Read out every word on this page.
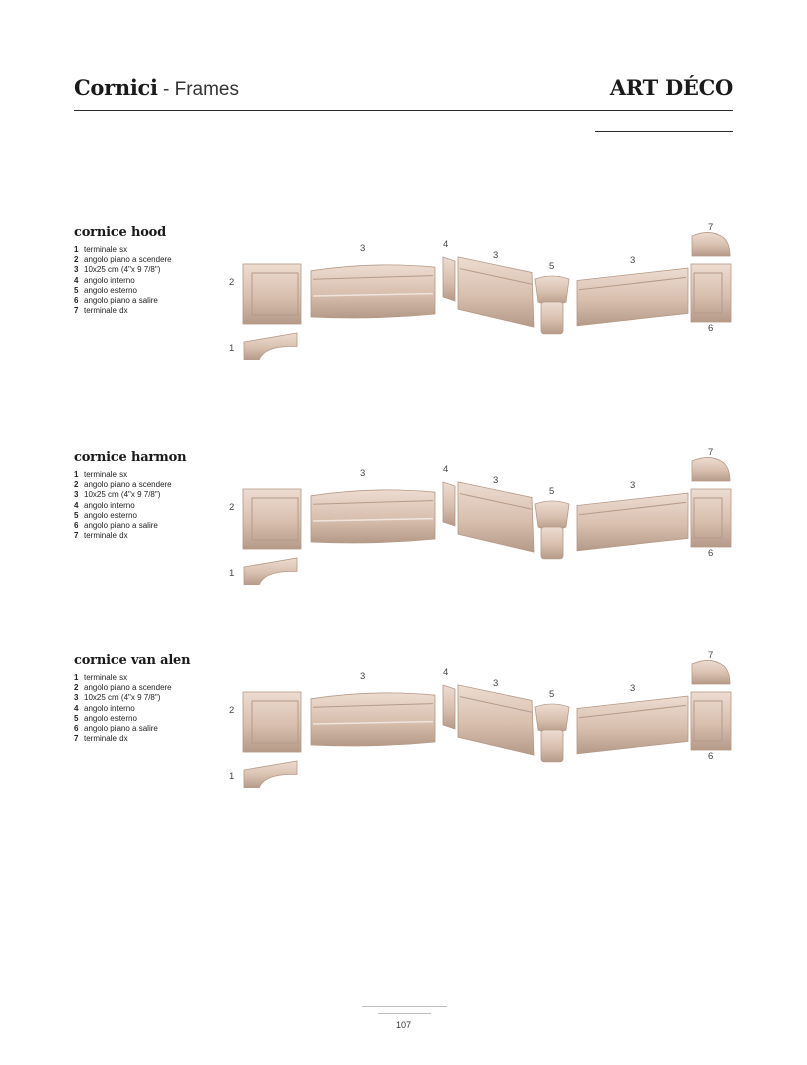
Cornici - Frames	ART DÉCO
cornice hood
1 terminale sx
2 angolo piano a scendere
3 10x25 cm (4"x 9 7/8")
4 angolo interno
5 angolo esterno
6 angolo piano a salire
7 terminale dx
1
2
3	4
3
5
3
7
6
cornice harmon
1 terminale sx
2 angolo piano a scendere
3 10x25 cm (4"x 9 7/8")
4 angolo interno
5 angolo esterno
6 angolo piano a salire
7 terminale dx
1
2
3	4
3
5
3
7
6
cornice van alen
1 terminale sx
2 angolo piano a scendere
3 10x25 cm (4"x 9 7/8")
4 angolo interno
5 angolo esterno
6 angolo piano a salire
7 terminale dx
1
2
3	4
3
5
3
7
6
107
